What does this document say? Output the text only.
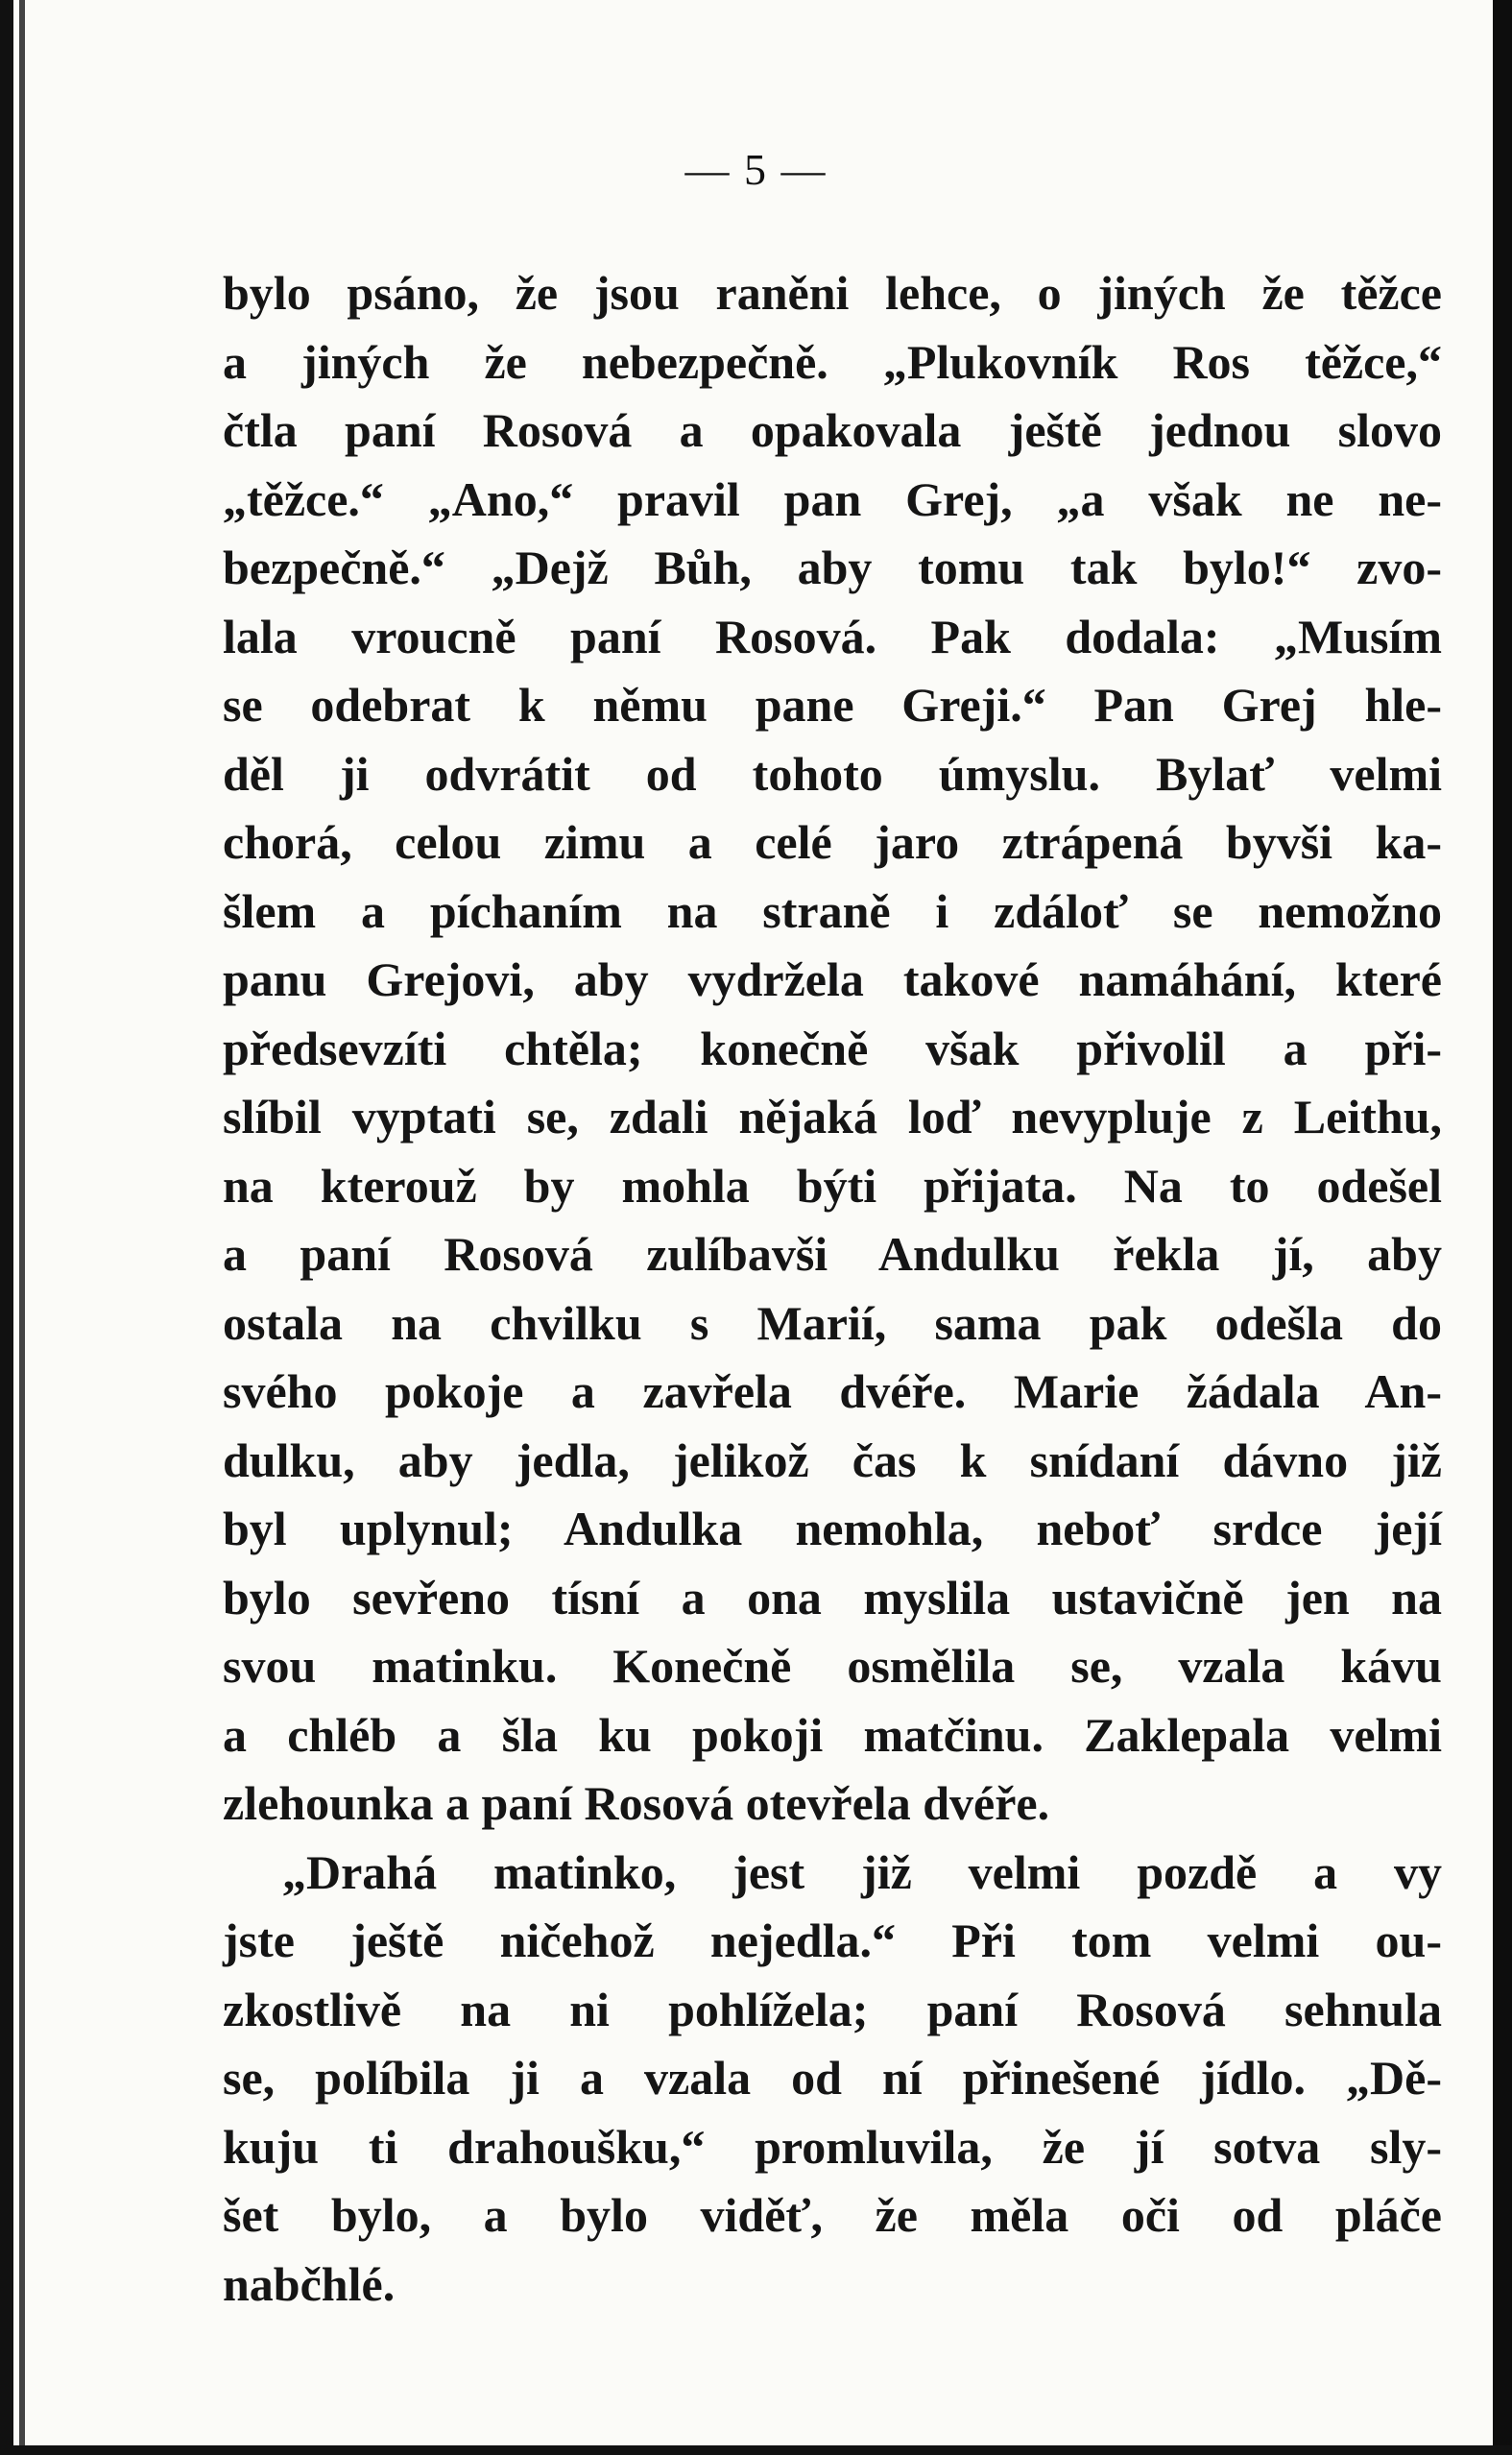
— 5 —
bylo psáno, že jsou raněni lehce, o jiných že těžce
a jiných že nebezpečně. „Plukovník Ros těžce,“
čtla paní Rosová a opakovala ještě jednou slovo
„těžce.“ „Ano,“ pravil pan Grej, „a však ne ne-
bezpečně.“ „Dejž Bůh, aby tomu tak bylo!“ zvo-
lala vroucně paní Rosová. Pak dodala: „Musím
se odebrat k němu pane Greji.“ Pan Grej hle-
děl ji odvrátit od tohoto úmyslu. Bylať velmi
chorá, celou zimu a celé jaro ztrápená byvši ka-
šlem a píchaním na straně i zdáloť se nemožno
panu Grejovi, aby vydržela takové namáhání, které
předsevzíti chtěla; konečně však přivolil a při-
slíbil vyptati se, zdali nějaká loď nevypluje z Leithu,
na kterouž by mohla býti přijata. Na to odešel
a paní Rosová zulíbavši Andulku řekla jí, aby
ostala na chvilku s Marií, sama pak odešla do
svého pokoje a zavřela dvéře. Marie žádala An-
dulku, aby jedla, jelikož čas k snídaní dávno již
byl uplynul; Andulka nemohla, neboť srdce její
bylo sevřeno tísní a ona myslila ustavičně jen na
svou matinku. Konečně osmělila se, vzala kávu
a chléb a šla ku pokoji matčinu. Zaklepala velmi
zlehounka a paní Rosová otevřela dvéře.
„Drahá matinko, jest již velmi pozdě a vy
jste ještě ničehož nejedla.“ Při tom velmi ou-
zkostlivě na ni pohlížela; paní Rosová sehnula
se, políbila ji a vzala od ní přinešené jídlo. „Dě-
kuju ti drahoušku,“ promluvila, že jí sotva sly-
šet bylo, a bylo viděť, že měla oči od pláče
nabčhlé.
